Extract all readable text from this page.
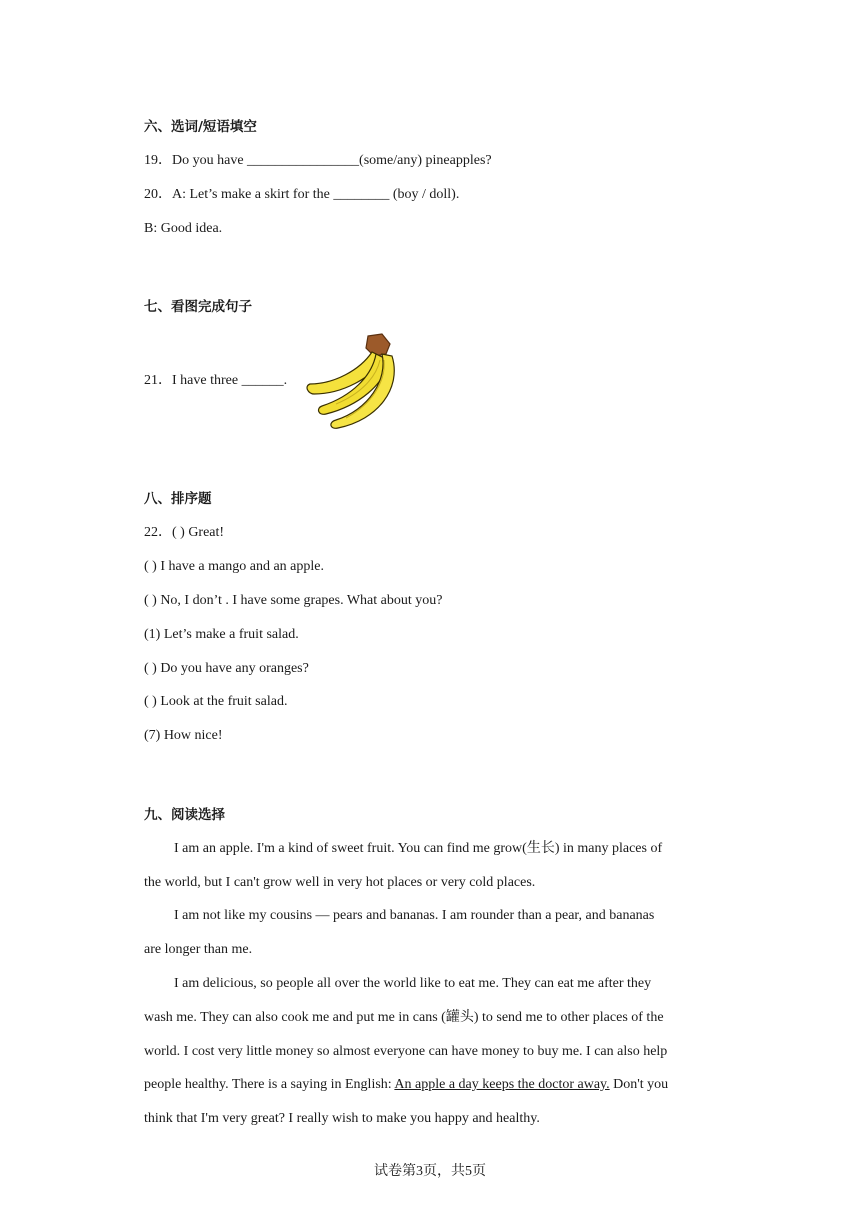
六、选词/短语填空
19．Do you have ________________(some/any) pineapples?
20．A: Let’s make a skirt for the ________ (boy / doll).
B: Good idea.
七、看图完成句子
21．I have three ______.
八、排序题
22．( ) Great!
( ) I have a mango and an apple.
( ) No, I don’t . I have some grapes. What about you?
(1) Let’s make a fruit salad.
( ) Do you have any oranges?
( ) Look at the fruit salad.
(7) How nice!
九、阅读选择
I am an apple. I'm a kind of sweet fruit. You can find me grow(生长) in many places of
the world, but I can't grow well in very hot places or very cold places.
I am not like my cousins — pears and bananas. I am rounder than a pear, and bananas
are longer than me.
I am delicious, so people all over the world like to eat me. They can eat me after they
wash me. They can also cook me and put me in cans (罐头) to send me to other places of the
world. I cost very little money so almost everyone can have money to buy me. I can also help
people healthy. There is a saying in English: An apple a day keeps the doctor away. Don't you
think that I'm very great? I really wish to make you happy and healthy.
试卷第3页，共5页
